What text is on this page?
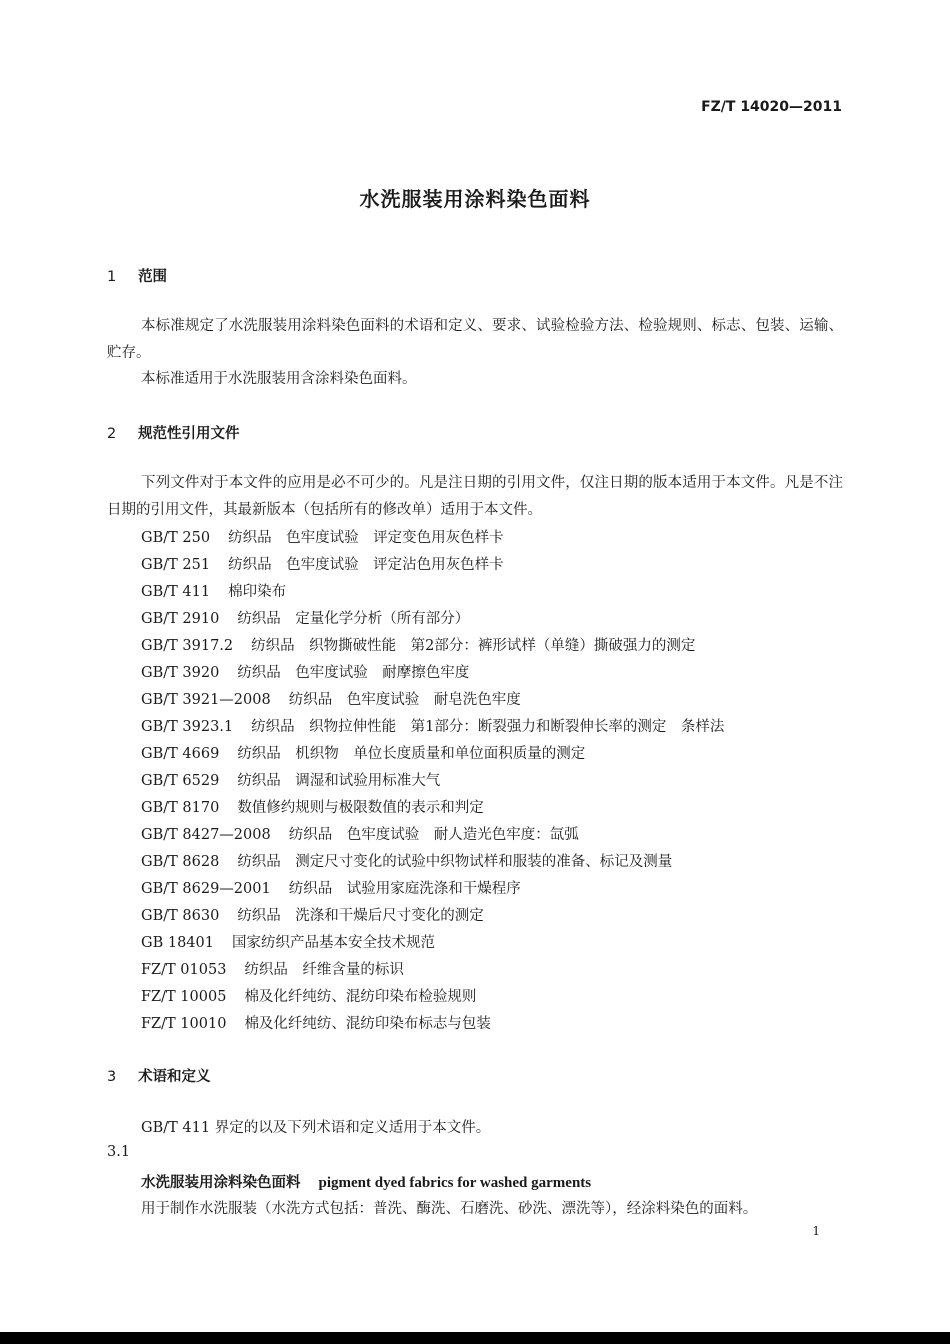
FZ/T 14020—2011
水洗服装用涂料染色面料
1 范围
本标准规定了水洗服装用涂料染色面料的术语和定义、要求、试验检验方法、检验规则、标志、包装、运输、贮存。
本标准适用于水洗服装用含涂料染色面料。
2 规范性引用文件
下列文件对于本文件的应用是必不可少的。凡是注日期的引用文件，仅注日期的版本适用于本文件。凡是不注日期的引用文件，其最新版本（包括所有的修改单）适用于本文件。
GB/T 250 纺织品　色牢度试验　评定变色用灰色样卡
GB/T 251 纺织品　色牢度试验　评定沾色用灰色样卡
GB/T 411 棉印染布
GB/T 2910 纺织品　定量化学分析（所有部分）
GB/T 3917.2 纺织品　织物撕破性能　第2部分：裤形试样（单缝）撕破强力的测定
GB/T 3920 纺织品　色牢度试验　耐摩擦色牢度
GB/T 3921—2008 纺织品　色牢度试验　耐皂洗色牢度
GB/T 3923.1 纺织品　织物拉伸性能　第1部分：断裂强力和断裂伸长率的测定　条样法
GB/T 4669 纺织品　机织物　单位长度质量和单位面积质量的测定
GB/T 6529 纺织品　调湿和试验用标准大气
GB/T 8170 数值修约规则与极限数值的表示和判定
GB/T 8427—2008 纺织品　色牢度试验　耐人造光色牢度：氙弧
GB/T 8628 纺织品　测定尺寸变化的试验中织物试样和服装的准备、标记及测量
GB/T 8629—2001 纺织品　试验用家庭洗涤和干燥程序
GB/T 8630 纺织品　洗涤和干燥后尺寸变化的测定
GB 18401 国家纺织产品基本安全技术规范
FZ/T 01053 纺织品　纤维含量的标识
FZ/T 10005 棉及化纤纯纺、混纺印染布检验规则
FZ/T 10010 棉及化纤纯纺、混纺印染布标志与包装
3 术语和定义
GB/T 411 界定的以及下列术语和定义适用于本文件。
3.1
水洗服装用涂料染色面料 pigment dyed fabrics for washed garments
用于制作水洗服装（水洗方式包括：普洗、酶洗、石磨洗、砂洗、漂洗等），经涂料染色的面料。
1
